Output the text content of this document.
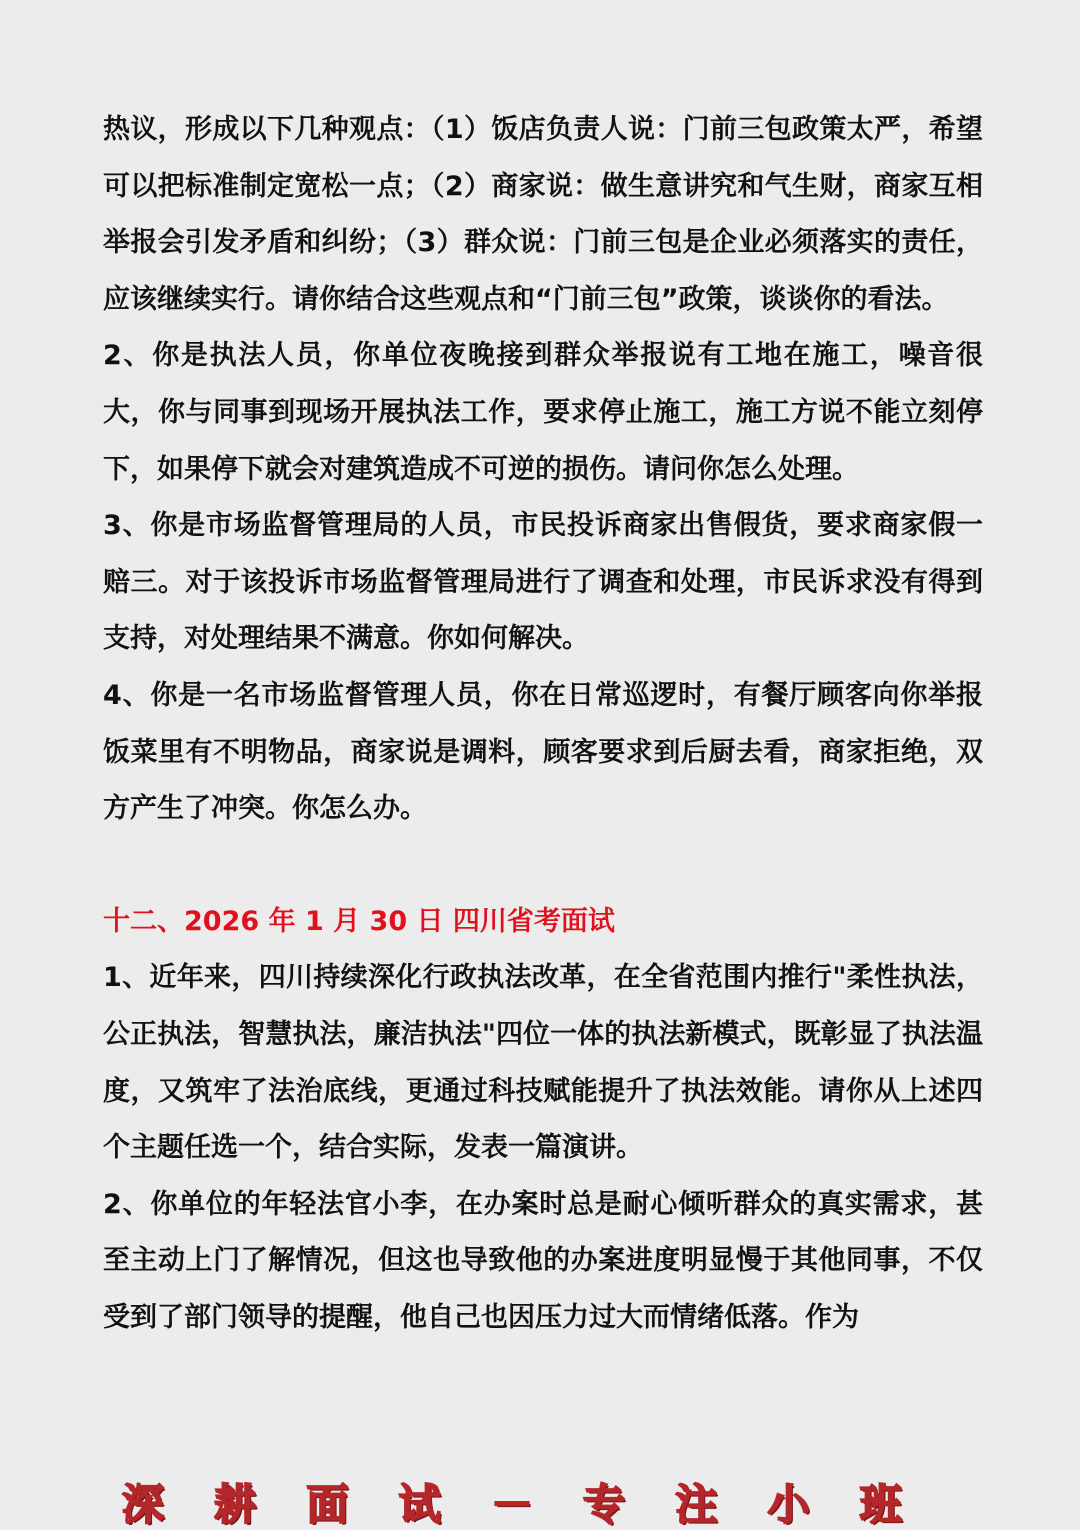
热议，形成以下几种观点：（1）饭店负责人说：门前三包政策太严，希望可以把标准制定宽松一点；（2）商家说：做生意讲究和气生财，商家互相举报会引发矛盾和纠纷；（3）群众说：门前三包是企业必须落实的责任，应该继续实行。请你结合这些观点和“门前三包”政策，谈谈你的看法。

2、你是执法人员，你单位夜晚接到群众举报说有工地在施工，噪音很大，你与同事到现场开展执法工作，要求停止施工，施工方说不能立刻停下，如果停下就会对建筑造成不可逆的损伤。请问你怎么处理。

3、你是市场监督管理局的人员，市民投诉商家出售假货，要求商家假一赔三。对于该投诉市场监督管理局进行了调查和处理，市民诉求没有得到支持，对处理结果不满意。你如何解决。

4、你是一名市场监督管理人员，你在日常巡逻时，有餐厅顾客向你举报饭菜里有不明物品，商家说是调料，顾客要求到后厨去看，商家拒绝，双方产生了冲突。你怎么办。

十二、2026 年 1 月 30 日 四川省考面试

1、近年来，四川持续深化行政执法改革，在全省范围内推行"柔性执法，公正执法，智慧执法，廉洁执法"四位一体的执法新模式，既彰显了执法温度，又筑牢了法治底线，更通过科技赋能提升了执法效能。请你从上述四个主题任选一个，结合实际，发表一篇演讲。

2、你单位的年轻法官小李，在办案时总是耐心倾听群众的真实需求，甚至主动上门了解情况，但这也导致他的办案进度明显慢于其他同事，不仅受到了部门领导的提醒，他自己也因压力过大而情绪低落。作为

深 耕 面 试 － 专 注 小 班
